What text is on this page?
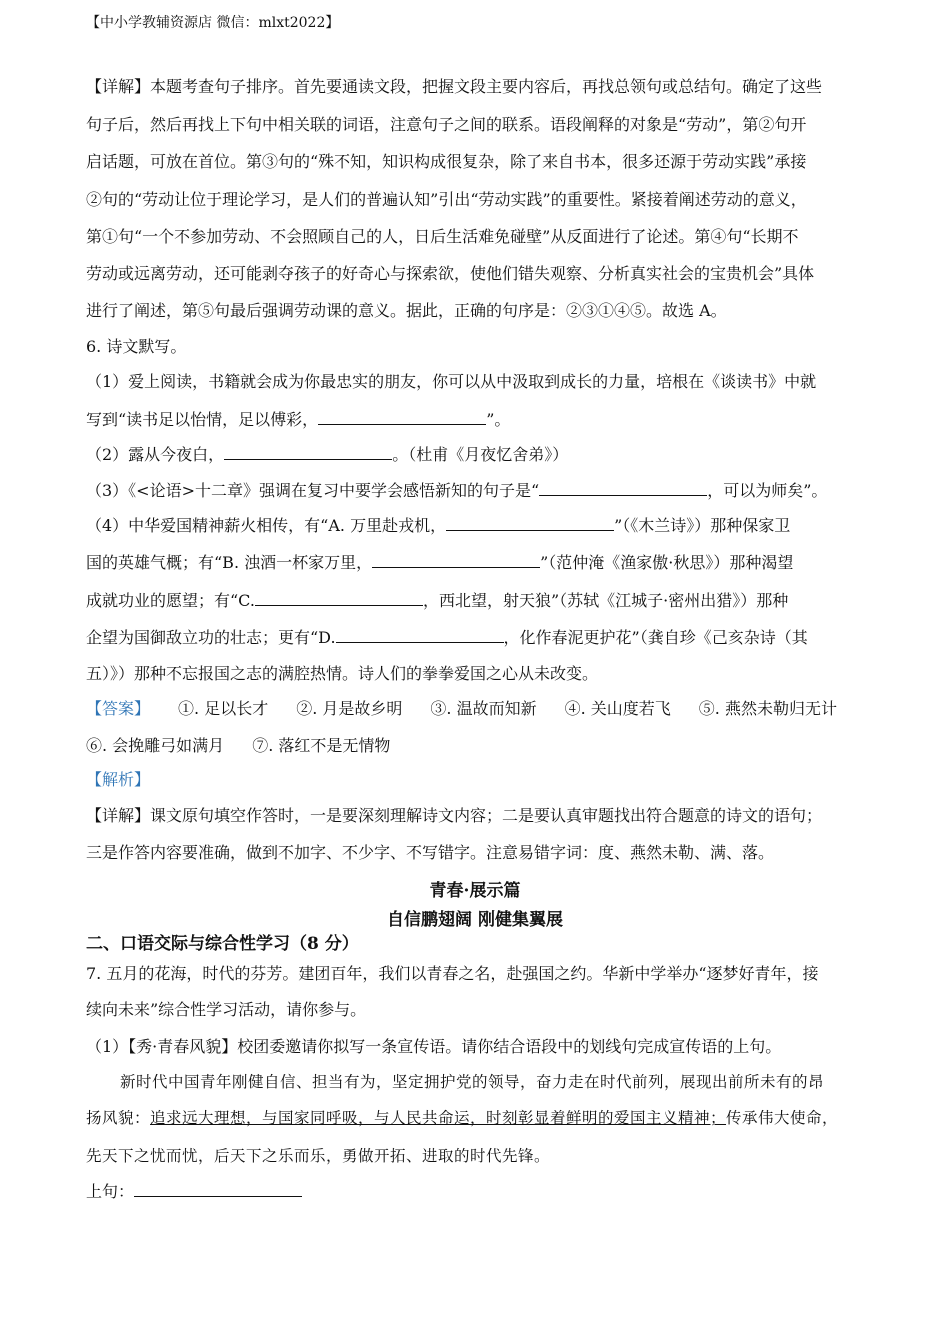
【中小学教辅资源店 微信：mlxt2022】
【详解】本题考查句子排序。首先要通读文段，把握文段主要内容后，再找总领句或总结句。确定了这些
句子后，然后再找上下句中相关联的词语，注意句子之间的联系。语段阐释的对象是“劳动”，第②句开
启话题，可放在首位。第③句的“殊不知，知识构成很复杂，除了来自书本，很多还源于劳动实践”承接
②句的“劳动让位于理论学习，是人们的普遍认知”引出“劳动实践”的重要性。紧接着阐述劳动的意义，
第①句“一个不参加劳动、不会照顾自己的人，日后生活难免碰壁”从反面进行了论述。第④句“长期不
劳动或远离劳动，还可能剥夺孩子的好奇心与探索欲，使他们错失观察、分析真实社会的宝贵机会”具体
进行了阐述，第⑤句最后强调劳动课的意义。据此，正确的句序是：②③①④⑤。故选 A。
6. 诗文默写。
（1）爱上阅读，书籍就会成为你最忠实的朋友，你可以从中汲取到成长的力量，培根在《谈读书》中就
写到“读书足以怡情，足以傅彩，	”。
（2）露从今夜白，	。（杜甫《月夜忆舍弟》）
（3）《<论语>十二章》强调在复习中要学会感悟新知的句子是“	，可以为师矣”。
（4）中华爱国精神薪火相传，有“A. 万里赴戎机，	”（《木兰诗》）那种保家卫
国的英雄气概；有“B. 浊酒一杯家万里，	”（范仲淹《渔家傲·秋思》）那种渴望
成就功业的愿望；有“C.	，西北望，射天狼”（苏轼《江城子·密州出猎》）那种
企望为国御敌立功的壮志；更有“D.	，化作春泥更护花”（龚自珍《己亥杂诗（其
五）》）那种不忘报国之志的满腔热情。诗人们的拳拳爱国之心从未改变。
【答案】 ①. 足以长才 ②. 月是故乡明 ③. 温故而知新 ④. 关山度若飞 ⑤. 燕然未勒归无计
⑥. 会挽雕弓如满月 ⑦. 落红不是无情物
【解析】
【详解】课文原句填空作答时，一是要深刻理解诗文内容；二是要认真审题找出符合题意的诗文的语句；
三是作答内容要准确，做到不加字、不少字、不写错字。注意易错字词：度、燕然未勒、满、落。
青春·展示篇
自信鹏翅阔 刚健集翼展
二、口语交际与综合性学习（8 分）
7. 五月的花海，时代的芬芳。建团百年，我们以青春之名，赴强国之约。华新中学举办“逐梦好青年，接
续向未来”综合性学习活动，请你参与。
（1）【秀·青春风貌】校团委邀请你拟写一条宣传语。请你结合语段中的划线句完成宣传语的上句。
新时代中国青年刚健自信、担当有为，坚定拥护党的领导，奋力走在时代前列，展现出前所未有的昂
扬风貌：追求远大理想，与国家同呼吸，与人民共命运，时刻彰显着鲜明的爱国主义精神；传承伟大使命，
先天下之忧而忧，后天下之乐而乐，勇做开拓、进取的时代先锋。
上句：
